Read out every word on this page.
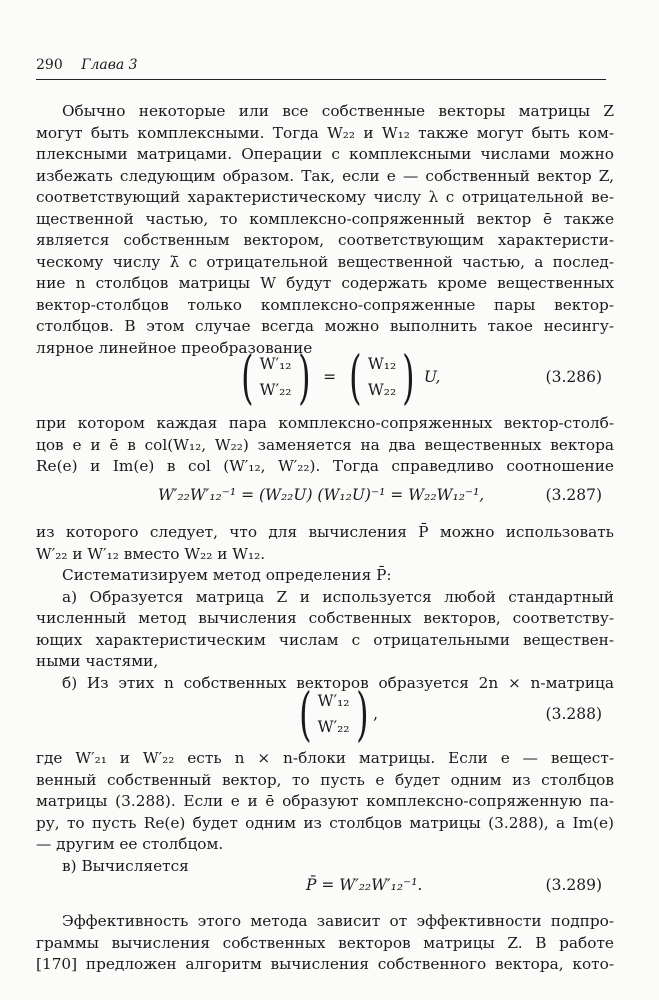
290 Глава 3
Обычно некоторые или все собственные векторы матрицы Z
могут быть комплексными. Тогда W₂₂ и W₁₂ также могут быть ком-
плексными матрицами. Операции с комплексными числами можно
избежать следующим образом. Так, если e — собственный вектор Z,
соответствующий характеристическому числу λ с отрицательной ве-
щественной частью, то комплексно-сопряженный вектор ē также
является собственным вектором, соответствующим характеристи-
ческому числу λ̄ с отрицательной вещественной частью, а послед-
ние n столбцов матрицы W будут содержать кроме вещественных
вектор-столбцов только комплексно-сопряженные пары вектор-
столбцов. В этом случае всегда можно выполнить такое несингу-
лярное линейное преобразование
( W′₁₂
W′₂₂ ) = ( W₁₂
W₂₂ ) U,	(3.286)
при котором каждая пара комплексно-сопряженных вектор-столб-
цов e и ē в col(W₁₂, W₂₂) заменяется на два вещественных вектора
Re(e) и Im(e) в col (W′₁₂, W′₂₂). Тогда справедливо соотношение
W′₂₂W′₁₂⁻¹ = (W₂₂U) (W₁₂U)⁻¹ = W₂₂W₁₂⁻¹,	(3.287)
из которого следует, что для вычисления P̄ можно использовать
W′₂₂ и W′₁₂ вместо W₂₂ и W₁₂.
Систематизируем метод определения P̄:
а) Образуется матрица Z и используется любой стандартный
численный метод вычисления собственных векторов, соответству-
ющих характеристическим числам с отрицательными веществен-
ными частями,
б) Из этих n собственных векторов образуется 2n × n-матрица
( W′₁₂
W′₂₂ ) ,	(3.288)
где W′₂₁ и W′₂₂ есть n × n-блоки матрицы. Если e — вещест-
венный собственный вектор, то пусть e будет одним из столбцов
матрицы (3.288). Если e и ē образуют комплексно-сопряженную па-
ру, то пусть Re(e) будет одним из столбцов матрицы (3.288), а Im(e)
— другим ее столбцом.
в) Вычисляется
P̄ = W′₂₂W′₁₂⁻¹.	(3.289)
Эффективность этого метода зависит от эффективности подпро-
граммы вычисления собственных векторов матрицы Z. В работе
[170] предложен алгоритм вычисления собственного вектора, кото-
